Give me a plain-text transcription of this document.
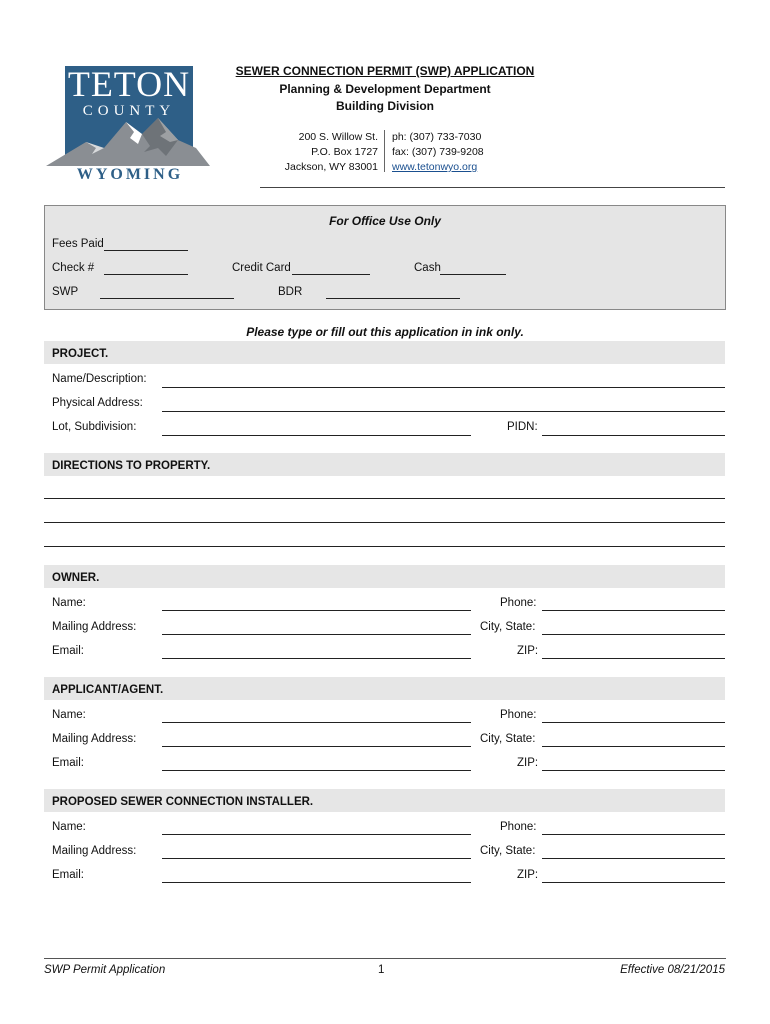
TETON
COUNTY
WYOMING
SEWER CONNECTION PERMIT (SWP) APPLICATION
Planning & Development Department
Building Division
200 S. Willow St.
P.O. Box 1727
Jackson, WY 83001
ph: (307) 733-7030
fax: (307) 739-9208
www.tetonwyo.org
For Office Use Only
Fees Paid
Check #	Credit Card	Cash
SWP	BDR
Please type or fill out this application in ink only.
PROJECT.
Name/Description:
Physical Address:
Lot, Subdivision:	PIDN:
DIRECTIONS TO PROPERTY.
OWNER.
Name:	Phone:
Mailing Address:	City, State:
Email:	ZIP:
APPLICANT/AGENT.
Name:	Phone:
Mailing Address:	City, State:
Email:	ZIP:
PROPOSED SEWER CONNECTION INSTALLER.
Name:	Phone:
Mailing Address:	City, State:
Email:	ZIP:
SWP Permit Application	1	Effective 08/21/2015
